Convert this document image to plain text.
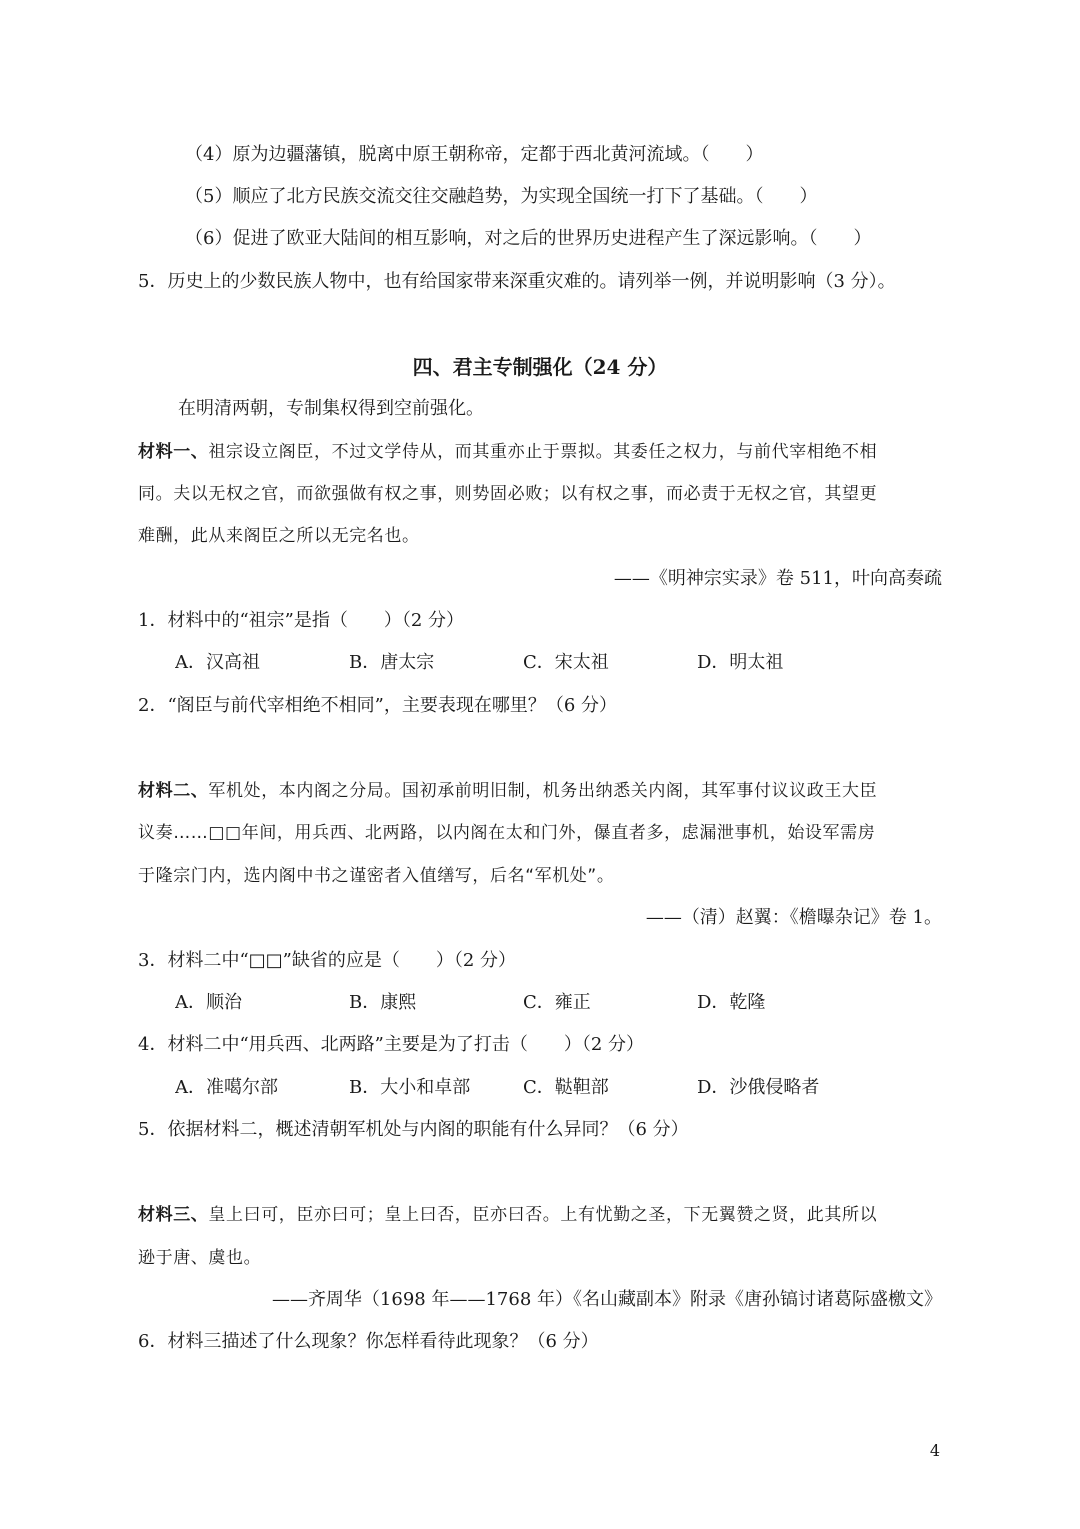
（4）原为边疆藩镇，脱离中原王朝称帝，定都于西北黄河流域。（　　）
（5）顺应了北方民族交流交往交融趋势，为实现全国统一打下了基础。（　　）
（6）促进了欧亚大陆间的相互影响，对之后的世界历史进程产生了深远影响。（　　）
5．历史上的少数民族人物中，也有给国家带来深重灾难的。请列举一例，并说明影响（3 分）。
四、君主专制强化（24 分）
在明清两朝，专制集权得到空前强化。
材料一、祖宗设立阁臣，不过文学侍从，而其重亦止于票拟。其委任之权力，与前代宰相绝不相
同。夫以无权之官，而欲强做有权之事，则势固必败；以有权之事，而必责于无权之官，其望更
难酬，此从来阁臣之所以无完名也。
——《明神宗实录》卷 511，叶向高奏疏
1．材料中的“祖宗”是指（　　）（2 分）
A．汉高祖	B．唐太宗	C．宋太祖	D．明太祖
2．“阁臣与前代宰相绝不相同”，主要表现在哪里？（6 分）
材料二、军机处，本内阁之分局。国初承前明旧制，机务出纳悉关内阁，其军事付议议政王大臣
议奏……□□年间，用兵西、北两路，以内阁在太和门外，儤直者多，虑漏泄事机，始设军需房
于隆宗门内，选内阁中书之谨密者入值缮写，后名“军机处”。
——（清）赵翼：《檐曝杂记》卷 1。
3．材料二中“□□”缺省的应是（　　）（2 分）
A．顺治	B．康熙	C．雍正	D．乾隆
4．材料二中“用兵西、北两路”主要是为了打击（　　）（2 分）
A．准噶尔部	B．大小和卓部	C．鞑靼部	D．沙俄侵略者
5．依据材料二，概述清朝军机处与内阁的职能有什么异同？（6 分）
材料三、皇上曰可，臣亦曰可；皇上曰否，臣亦曰否。上有忧勤之圣，下无翼赞之贤，此其所以
逊于唐、虞也。
——齐周华（1698 年——1768 年）《名山藏副本》附录《唐孙镐讨诸葛际盛檄文》
6．材料三描述了什么现象？你怎样看待此现象？（6 分）
4
